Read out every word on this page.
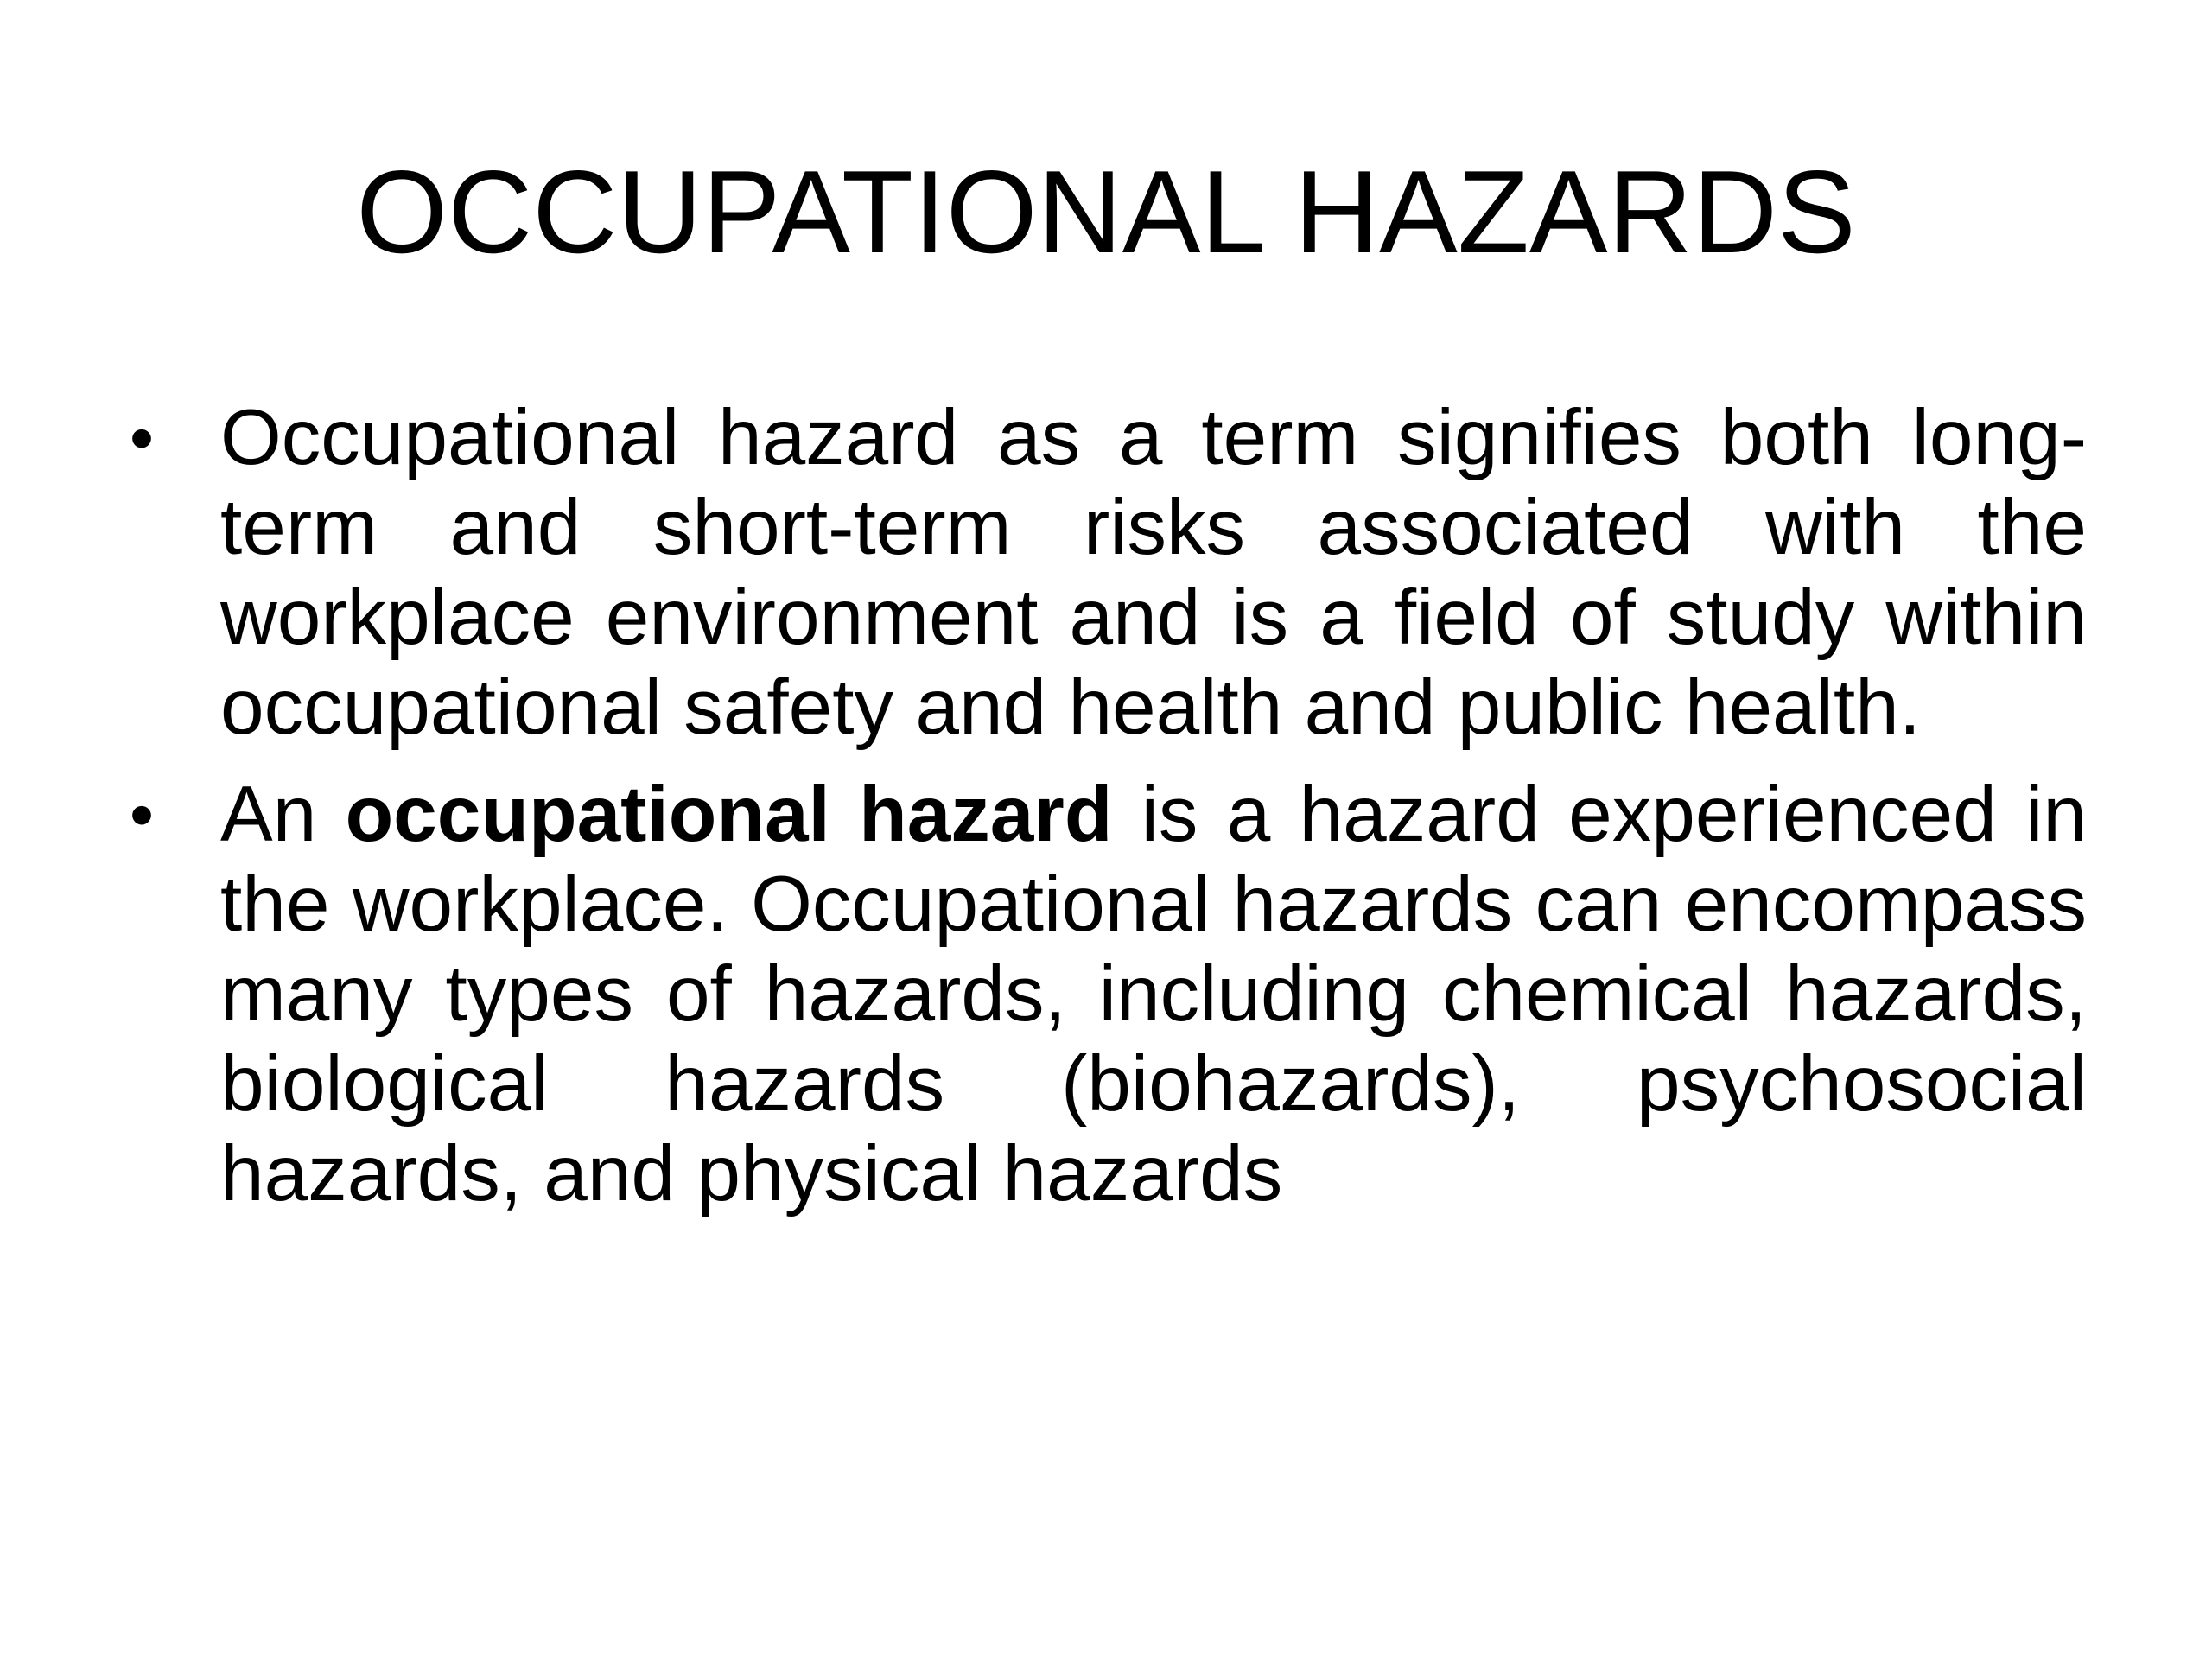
OCCUPATIONAL HAZARDS
• Occupational hazard as a term signifies both long-term and short-term risks associated with the workplace environment and is a field of study within occupational safety and health and public health.
• An occupational hazard is a hazard experienced in the workplace. Occupational hazards can encompass many types of hazards, including chemical hazards, biological hazards (biohazards), psychosocial hazards, and physical hazards
